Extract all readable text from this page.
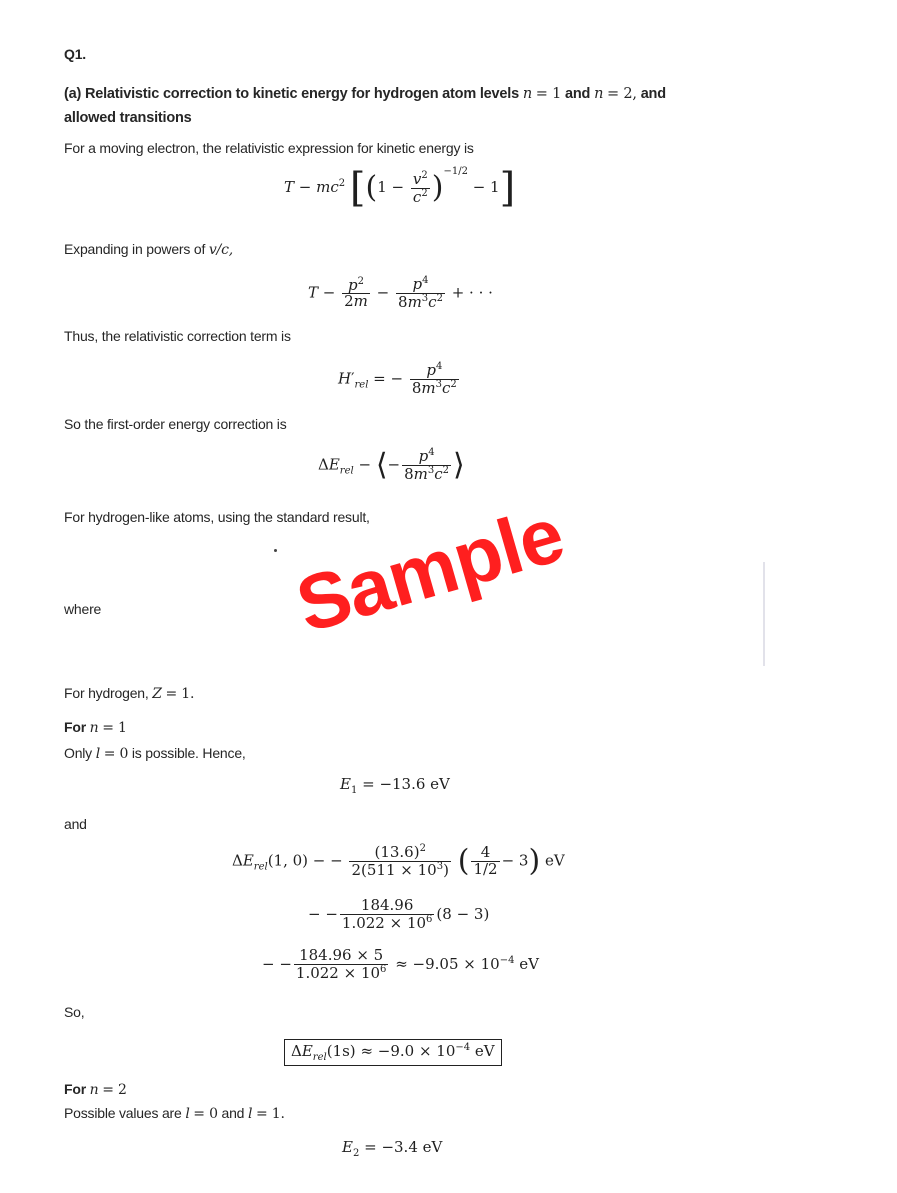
Q1.
(a) Relativistic correction to kinetic energy for hydrogen atom levels n = 1 and n = 2, and
allowed transitions
For a moving electron, the relativistic expression for kinetic energy is
$T - mc^2$ $[(1 - \frac{v^2}{c^2} )^{-1/2} - 1]$
Expanding in powers of v/c,
$T - \frac{p^2}{2m} - \frac{p^4}{8m^3c^2}$ + · · ·
Thus, the relativistic correction term is
$H'_{rel}$ = − $\frac{p^4}{8m^3c^2}$
So the first-order energy correction is
$\Delta E_{rel}$ − ⟨− $\frac{p^4}{8m^3c^2}$ ⟩
For hydrogen-like atoms, using the standard result,
where Sample
For hydrogen, Z = 1.
For n = 1
Only l = 0 is possible. Hence,
$E_1 = -13.6$ eV
and
$\Delta E_{rel}(1$, 0) − − $\frac{(13.6)^2}{2(511 \times 10^3)}$ ( $\frac{4}{1/2} - 3$) eV
− − $\frac{184.96}{1.022 \times 10^6} (8 - 3)$
− − $\frac{184.96 \times 5}{1.022 \times 10^6} \approx -9.05 \times 10^{-4}$ eV
So,
$\Delta E_{rel}(1s) \approx -9.0 \times 10^{-4}$ eV
For n = 2
Possible values are l = 0 and l = 1.
$E_2 = -3.4$ eV
